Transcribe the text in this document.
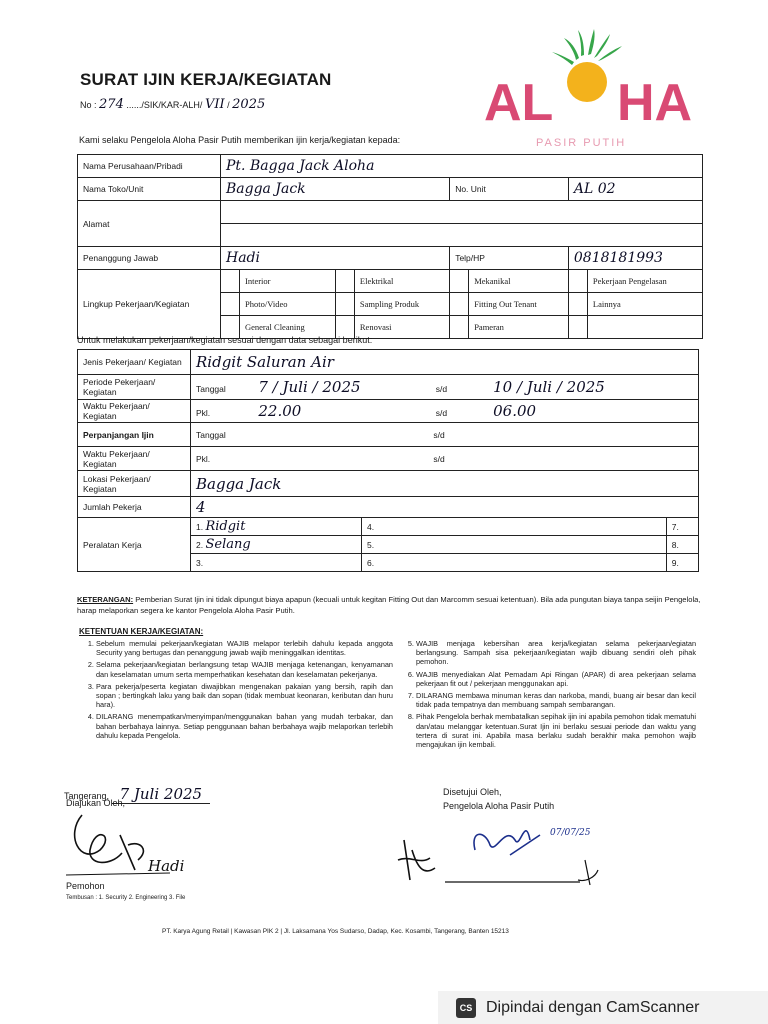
SURAT IJIN KERJA/KEGIATAN
No : 274 ....../SIK/KAR-ALH/ VII / 2025
Kami selaku Pengelola Aloha Pasir Putih memberikan ijin kerja/kegiatan kepada:
AL HA
PASIR PUTIH
Nama Perusahaan/Pribadi	Pt. Bagga Jack Aloha							
Nama Toko/Unit	Bagga Jack				No. Unit		AL 02	
Alamat								

Penanggung Jawab	Hadi				Telp/HP		0818181993	
Lingkup Pekerjaan/Kegiatan		Interior		Elektrikal		Mekanikal		Pekerjaan Pengelasan
		Photo/Video		Sampling Produk		Fitting Out Tenant		Lainnya
		General Cleaning		Renovasi		Pameran		
Untuk melakukan pekerjaan/kegiatan sesuai dengan data sebagai berikut:
Jenis Pekerjaan/ Kegiatan	Ridgit Saluran Air		
Periode Pekerjaan/ Kegiatan	Tanggal 7 / Juli / 2025 s/d 10 / Juli / 2025		
Waktu Pekerjaan/ Kegiatan	Pkl. 22.00 s/d 06.00		
Perpanjangan Ijin	Tanggal s/d		
Waktu Pekerjaan/ Kegiatan	Pkl. s/d		
Lokasi Pekerjaan/ Kegiatan	Bagga Jack		
Jumlah Pekerja	4		
Peralatan Kerja	1. Ridgit	4.	7.
	2. Selang	5.	8.
	3.	6.	9.
KETERANGAN: Pemberian Surat Ijin ini tidak dipungut biaya apapun (kecuali untuk kegitan Fitting Out dan Marcomm sesuai ketentuan). Bila ada pungutan biaya tanpa seijin Pengelola, harap melaporkan segera ke kantor Pengelola Aloha Pasir Putih.
KETENTUAN KERJA/KEGIATAN:
1. Sebelum memulai pekerjaan/kegiatan WAJIB melapor terlebih dahulu kepada anggota Security yang bertugas dan penanggung jawab wajib meninggalkan identitas.
2. Selama pekerjaan/kegiatan berlangsung tetap WAJIB menjaga ketenangan, kenyamanan dan keselamatan umum serta memperhatikan kesehatan dan keselamatan pekerjanya.
3. Para pekerja/peserta kegiatan diwajibkan mengenakan pakaian yang bersih, rapih dan sopan ; bertingkah laku yang baik dan sopan (tidak membuat keonaran, keributan dan huru hara).
4. DILARANG menempatkan/menyimpan/menggunakan bahan yang mudah terbakar, dan bahan berbahaya lainnya. Setiap penggunaan bahan berbahaya wajib melaporkan terlebih dahulu kepada Pengelola.
5. WAJIB menjaga kebersihan area kerja/kegiatan selama pekerjaan/egiatan berlangsung. Sampah sisa pekerjaan/kegiatan wajib dibuang sendiri oleh pihak pemohon.
6. WAJIB menyediakan Alat Pemadam Api Ringan (APAR) di area pekerjaan selama pekerjaan fit out / pekerjaan menggunakan api.
7. DILARANG membawa minuman keras dan narkoba, mandi, buang air besar dan kecil tidak pada tempatnya dan membuang sampah sembarangan.
8. Pihak Pengelola berhak membatalkan sepihak ijin ini apabila pemohon tidak mematuhi dan/atau melanggar ketentuan.Surat Ijin ini berlaku sesuai periode dan waktu yang tertera di surat ini. Apabila masa berlaku sudah berakhir maka pemohon wajib mengajukan ijin kembali.
Tangerang, 7 Juli 2025
Diajukan Oleh,
Hadi
Pemohon
Tembusan : 1. Security 2. Engineering 3. File
Disetujui Oleh,
Pengelola Aloha Pasir Putih
07/07/25
PT. Karya Agung Retail | Kawasan PIK 2 | Jl. Laksamana Yos Sudarso, Dadap, Kec. Kosambi, Tangerang, Banten 15213
CS Dipindai dengan CamScanner
